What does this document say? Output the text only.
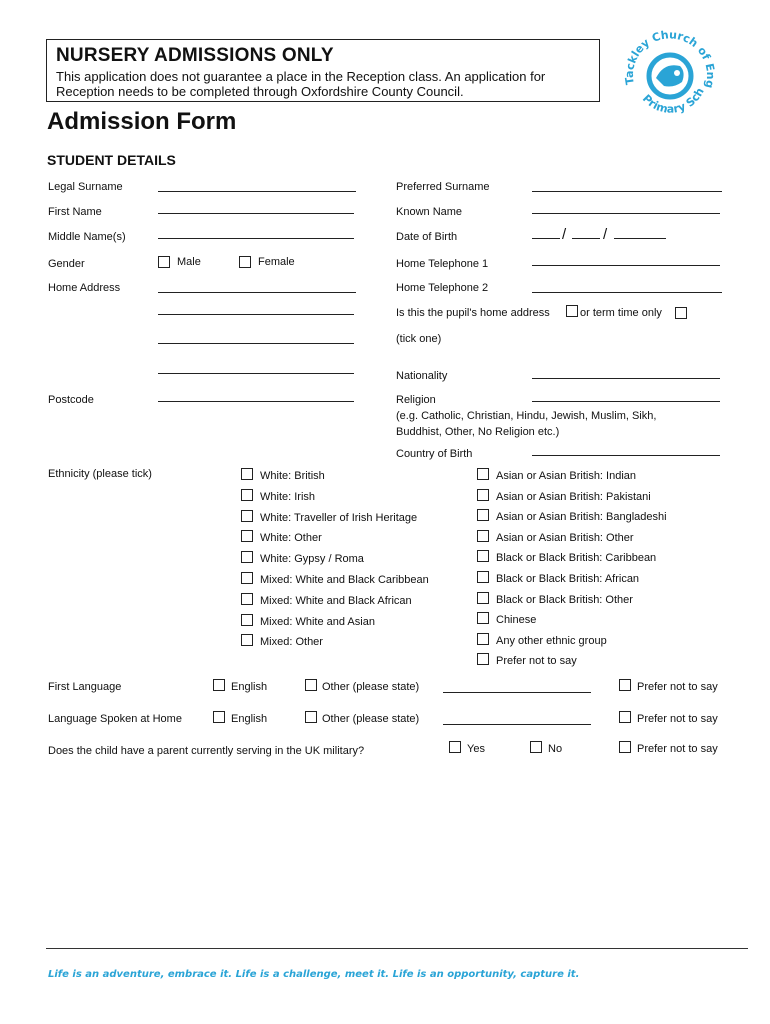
NURSERY ADMISSIONS ONLY

This application does not guarantee a place in the Reception class. An application for Reception needs to be completed through Oxfordshire County Council.

Tackley Church of Eng
Primary Sch
Admission Form
STUDENT DETAILS
Legal Surname	Preferred Surname
First Name	Known Name
Middle Name(s)	Date of Birth	/ /
Gender	Male	Female	Home Telephone 1
Home Address	Home Telephone 2
Is this the pupil's home address	or term time only
(tick one)
Nationality
Postcode	Religion
(e.g. Catholic, Christian, Hindu, Jewish, Muslim, Sikh,
Buddhist, Other, No Religion etc.)
Country of Birth
Ethnicity (please tick)	White: British
White: Irish
White: Traveller of Irish Heritage
White: Other
White: Gypsy / Roma
Mixed: White and Black Caribbean
Mixed: White and Black African
Mixed: White and Asian
Mixed: Other
Asian or Asian British: Indian
Asian or Asian British: Pakistani
Asian or Asian British: Bangladeshi
Asian or Asian British: Other
Black or Black British: Caribbean
Black or Black British: African
Black or Black British: Other
Chinese
Any other ethnic group
Prefer not to say
First Language	English	Other (please state)	Prefer not to say
Language Spoken at Home	English	Other (please state)	Prefer not to say
Does the child have a parent currently serving in the UK military?	Yes	No	Prefer not to say
Life is an adventure, embrace it. Life is a challenge, meet it. Life is an opportunity, capture it.
